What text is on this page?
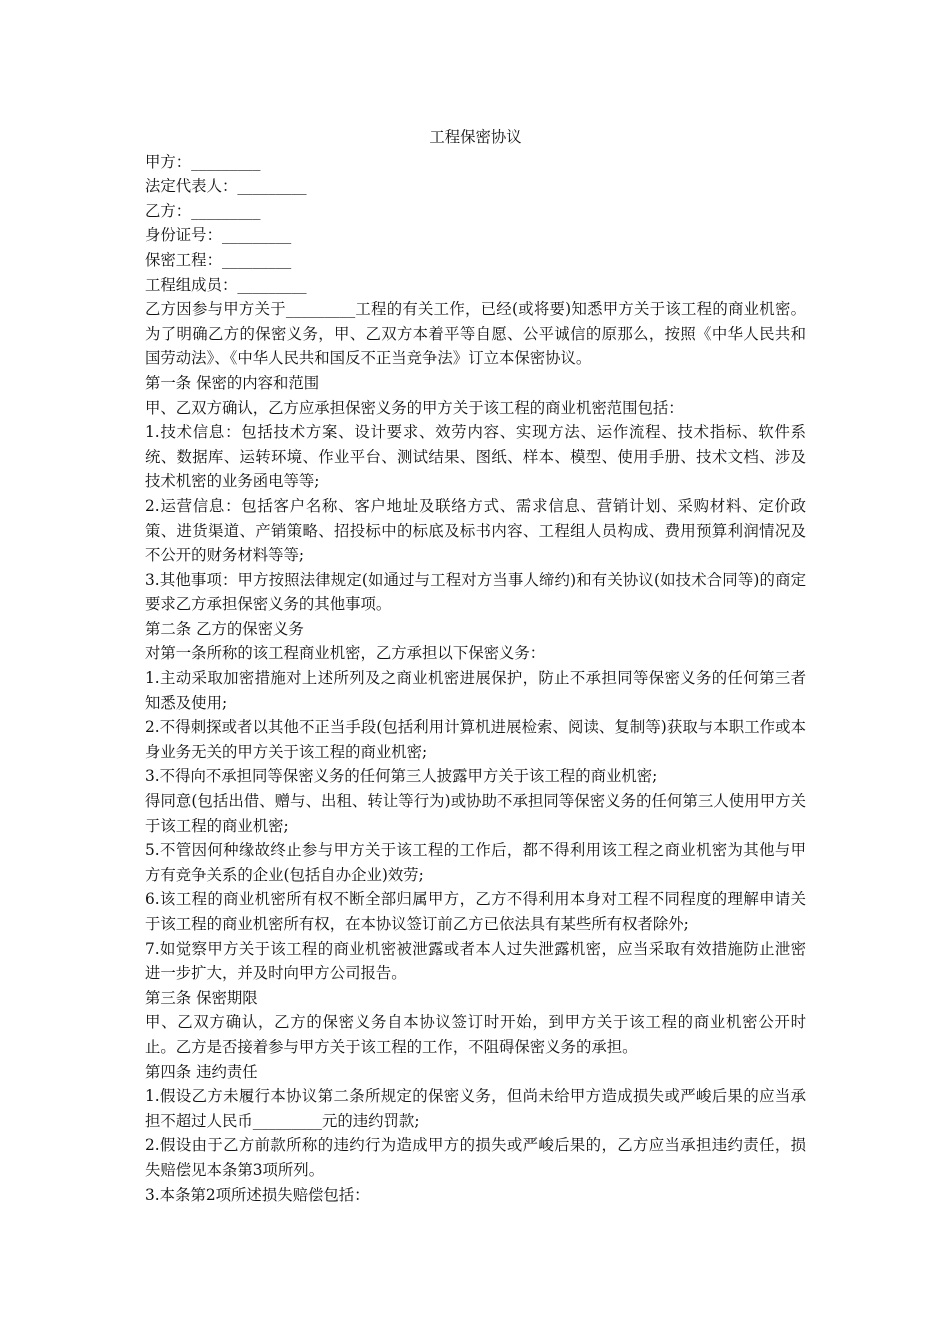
工程保密协议

甲方：_________

法定代表人：_________

乙方：_________

身份证号：_________

保密工程：_________

工程组成员：_________

乙方因参与甲方关于_________工程的有关工作，已经(或将要)知悉甲方关于该工程的商业机密。为了明确乙方的保密义务，甲、乙双方本着平等自愿、公平诚信的原那么，按照《中华人民共和国劳动法》、《中华人民共和国反不正当竞争法》订立本保密协议。

第一条 保密的内容和范围

甲、乙双方确认，乙方应承担保密义务的甲方关于该工程的商业机密范围包括：

1.技术信息：包括技术方案、设计要求、效劳内容、实现方法、运作流程、技术指标、软件系统、数据库、运转环境、作业平台、测试结果、图纸、样本、模型、使用手册、技术文档、涉及技术机密的业务函电等等;

2.运营信息：包括客户名称、客户地址及联络方式、需求信息、营销计划、采购材料、定价政策、进货渠道、产销策略、招投标中的标底及标书内容、工程组人员构成、费用预算利润情况及不公开的财务材料等等;

3.其他事项：甲方按照法律规定(如通过与工程对方当事人缔约)和有关协议(如技术合同等)的商定要求乙方承担保密义务的其他事项。

第二条 乙方的保密义务

对第一条所称的该工程商业机密，乙方承担以下保密义务：

1.主动采取加密措施对上述所列及之商业机密进展保护，防止不承担同等保密义务的任何第三者知悉及使用;

2.不得刺探或者以其他不正当手段(包括利用计算机进展检索、阅读、复制等)获取与本职工作或本身业务无关的甲方关于该工程的商业机密;

3.不得向不承担同等保密义务的任何第三人披露甲方关于该工程的商业机密;

得同意(包括出借、赠与、出租、转让等行为)或协助不承担同等保密义务的任何第三人使用甲方关于该工程的商业机密;

5.不管因何种缘故终止参与甲方关于该工程的工作后，都不得利用该工程之商业机密为其他与甲方有竞争关系的企业(包括自办企业)效劳;

6.该工程的商业机密所有权不断全部归属甲方，乙方不得利用本身对工程不同程度的理解申请关于该工程的商业机密所有权，在本协议签订前乙方已依法具有某些所有权者除外;

7.如觉察甲方关于该工程的商业机密被泄露或者本人过失泄露机密，应当采取有效措施防止泄密进一步扩大，并及时向甲方公司报告。

第三条 保密期限

甲、乙双方确认，乙方的保密义务自本协议签订时开始，到甲方关于该工程的商业机密公开时止。乙方是否接着参与甲方关于该工程的工作，不阻碍保密义务的承担。

第四条 违约责任

1.假设乙方未履行本协议第二条所规定的保密义务，但尚未给甲方造成损失或严峻后果的应当承担不超过人民币_________元的违约罚款;

2.假设由于乙方前款所称的违约行为造成甲方的损失或严峻后果的，乙方应当承担违约责任，损失赔偿见本条第3项所列。

3.本条第2项所述损失赔偿包括：
